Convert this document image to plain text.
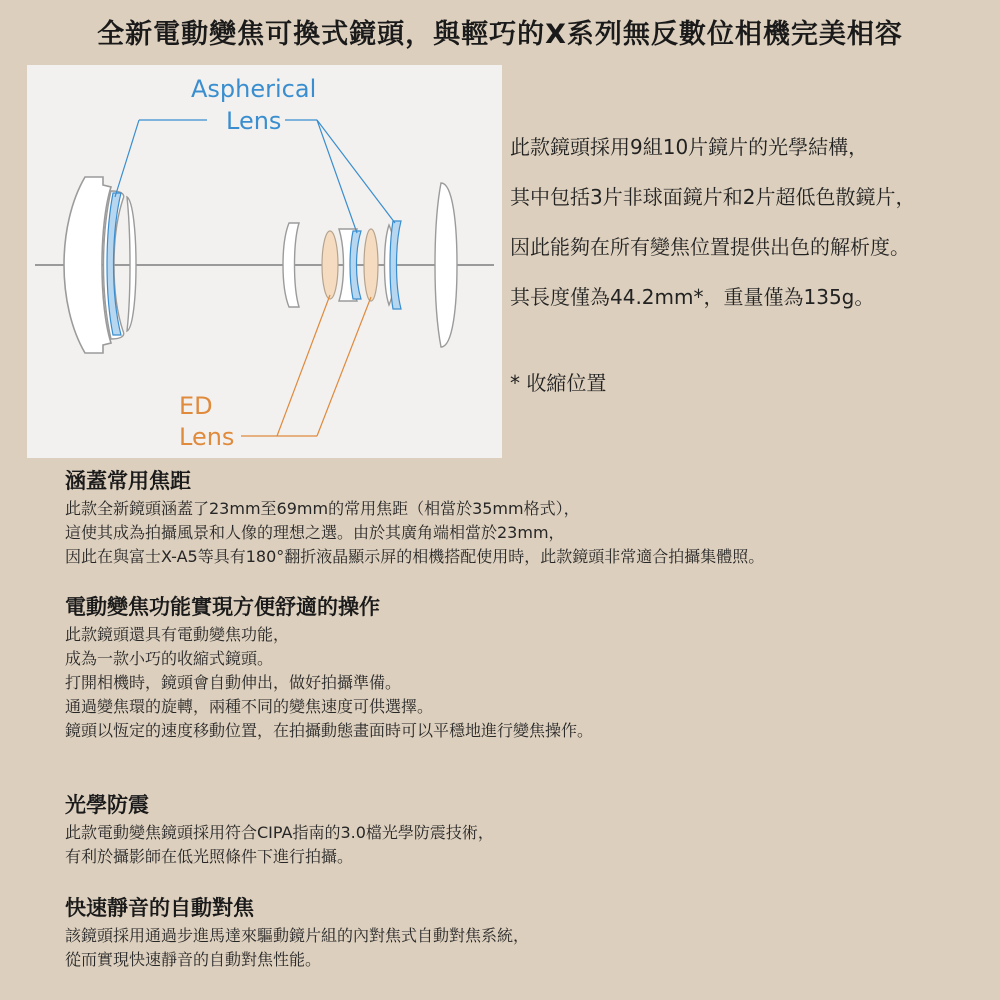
全新電動變焦可換式鏡頭，與輕巧的X系列無反數位相機完美相容
Aspherical
Lens
ED
Lens
此款鏡頭採用9組10片鏡片的光學結構，
其中包括3片非球面鏡片和2片超低色散鏡片，
因此能夠在所有變焦位置提供出色的解析度。
其長度僅為44.2mm*，重量僅為135g。
* 收縮位置
涵蓋常用焦距
此款全新鏡頭涵蓋了23mm至69mm的常用焦距（相當於35mm格式），
這使其成為拍攝風景和人像的理想之選。由於其廣角端相當於23mm，
因此在與富士X-A5等具有180°翻折液晶顯示屏的相機搭配使用時，此款鏡頭非常適合拍攝集體照。
電動變焦功能實現方便舒適的操作
此款鏡頭還具有電動變焦功能，
成為一款小巧的收縮式鏡頭。
打開相機時，鏡頭會自動伸出，做好拍攝準備。
通過變焦環的旋轉，兩種不同的變焦速度可供選擇。
鏡頭以恆定的速度移動位置，在拍攝動態畫面時可以平穩地進行變焦操作。
光學防震
此款電動變焦鏡頭採用符合CIPA指南的3.0檔光學防震技術，
有利於攝影師在低光照條件下進行拍攝。
快速靜音的自動對焦
該鏡頭採用通過步進馬達來驅動鏡片組的內對焦式自動對焦系統，
從而實現快速靜音的自動對焦性能。
